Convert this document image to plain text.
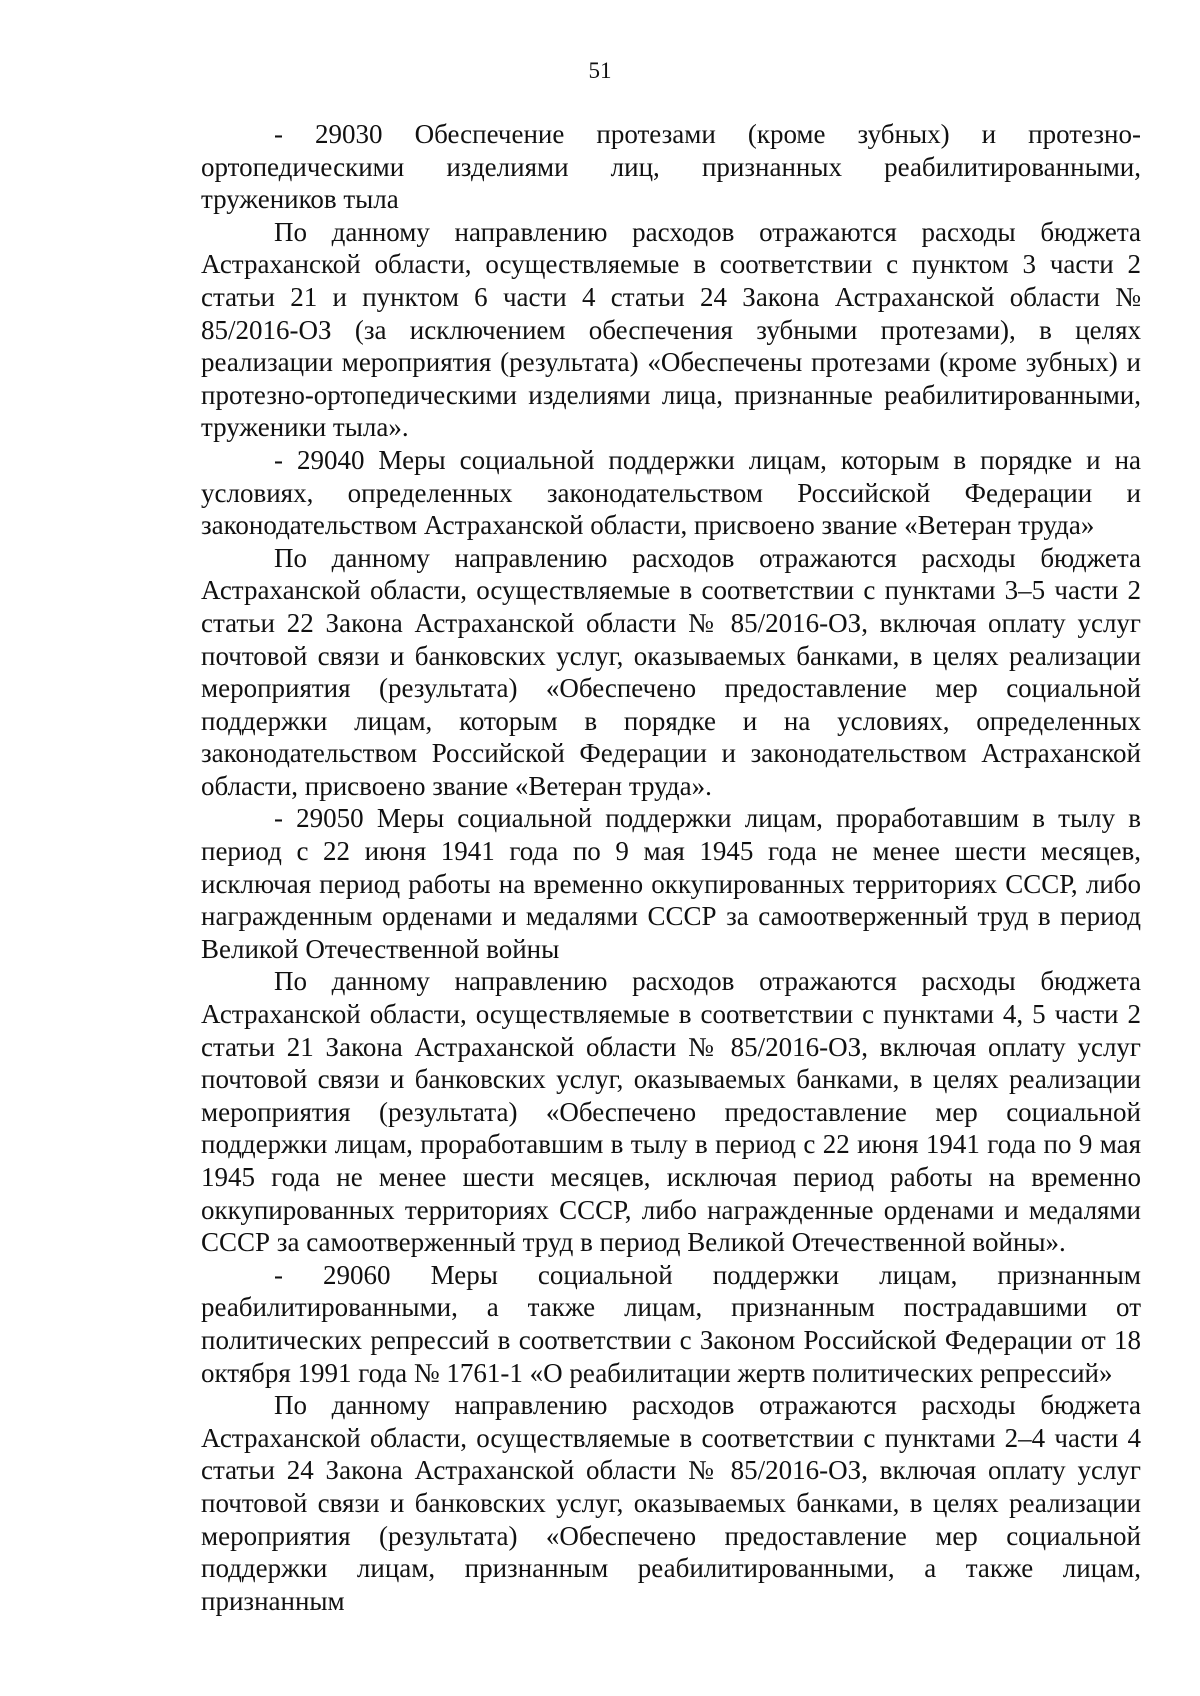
51

- 29030 Обеспечение протезами (кроме зубных) и протезно-ортопедическими изделиями лиц, признанных реабилитированными, тружеников тыла

По данному направлению расходов отражаются расходы бюджета Астраханской области, осуществляемые в соответствии с пунктом 3 части 2 статьи 21 и пунктом 6 части 4 статьи 24 Закона Астраханской области № 85/2016-ОЗ (за исключением обеспечения зубными протезами), в целях реализации мероприятия (результата) «Обеспечены протезами (кроме зубных) и протезно-ортопедическими изделиями лица, признанные реабилитированными, труженики тыла».

- 29040 Меры социальной поддержки лицам, которым в порядке и на условиях, определенных законодательством Российской Федерации и законодательством Астраханской области, присвоено звание «Ветеран труда»

По данному направлению расходов отражаются расходы бюджета Астраханской области, осуществляемые в соответствии с пунктами 3–5 части 2 статьи 22 Закона Астраханской области № 85/2016-ОЗ, включая оплату услуг почтовой связи и банковских услуг, оказываемых банками, в целях реализации мероприятия (результата) «Обеспечено предоставление мер социальной поддержки лицам, которым в порядке и на условиях, определенных законодательством Российской Федерации и законодательством Астраханской области, присвоено звание «Ветеран труда».

- 29050 Меры социальной поддержки лицам, проработавшим в тылу в период с 22 июня 1941 года по 9 мая 1945 года не менее шести месяцев, исключая период работы на временно оккупированных территориях СССР, либо награжденным орденами и медалями СССР за самоотверженный труд в период Великой Отечественной войны

По данному направлению расходов отражаются расходы бюджета Астраханской области, осуществляемые в соответствии с пунктами 4, 5 части 2 статьи 21 Закона Астраханской области № 85/2016-ОЗ, включая оплату услуг почтовой связи и банковских услуг, оказываемых банками, в целях реализации мероприятия (результата) «Обеспечено предоставление мер социальной поддержки лицам, проработавшим в тылу в период с 22 июня 1941 года по 9 мая 1945 года не менее шести месяцев, исключая период работы на временно оккупированных территориях СССР, либо награжденные орденами и медалями СССР за самоотверженный труд в период Великой Отечественной войны».

- 29060 Меры социальной поддержки лицам, признанным реабилитированными, а также лицам, признанным пострадавшими от политических репрессий в соответствии с Законом Российской Федерации от 18 октября 1991 года № 1761-1 «О реабилитации жертв политических репрессий»

По данному направлению расходов отражаются расходы бюджета Астраханской области, осуществляемые в соответствии с пунктами 2–4 части 4 статьи 24 Закона Астраханской области № 85/2016-ОЗ, включая оплату услуг почтовой связи и банковских услуг, оказываемых банками, в целях реализации мероприятия (результата) «Обеспечено предоставление мер социальной поддержки лицам, признанным реабилитированными, а также лицам, признанным
